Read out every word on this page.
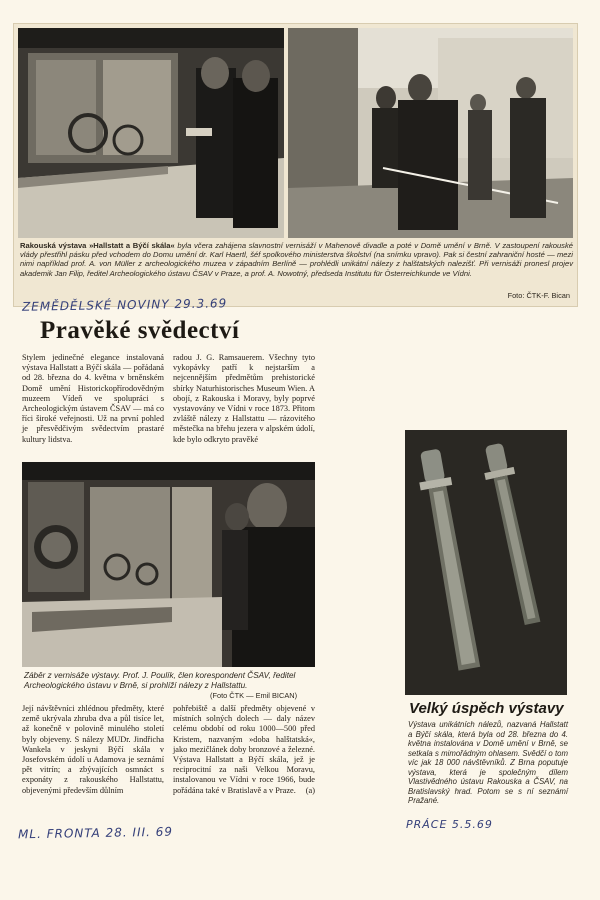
Rakouská výstava »Hallstatt a Býčí skála« byla včera zahájena slavnostní vernisáží v Mahenově divadle a poté v Domě umění v Brně. V zastoupení rakouské vlády přestřihl pásku před vchodem do Domu umění dr. Karl Haertl, šéf spolkového ministerstva školství (na snímku vpravo). Pak si čestní zahraniční hosté — mezi nimi například prof. A. von Müller z archeologického muzea v západním Berlíně — prohlédli unikátní nálezy z halštatských nalezišť. Při vernisáži pronesl projev akademik Jan Filip, ředitel Archeologického ústavu ČSAV v Praze, a prof. A. Nowotný, předseda Institutu für Österreichkunde ve Vídni.
Foto: ČTK-F. Bican
ZEMĚDĚLSKÉ NOVINY 29.3.69
Pravěké svědectví
Stylem jedinečné elegance instalovaná výstava Hallstatt a Býčí skála — pořádaná od 28. března do 4. května v brněnském Domě umění Historickopřírodovědným muzeem Vídeň ve spolupráci s Archeologickým ústavem ČSAV — má co říci široké veřejnosti. Už na první pohled je přesvědčivým svědectvím prastaré kultury lidstva.
radou J. G. Ramsauerem. Všechny tyto vykopávky patří k nejstarším a nejcennějším předmětům prehistorické sbírky Naturhistorisches Museum Wien. A obojí, z Rakouska i Moravy, byly poprvé vystavovány ve Vídni v roce 1873. Přitom zvláště nálezy z Hallstattu — rázovitého městečka na břehu jezera v alpském údolí, kde bylo odkryto pravěké
Záběr z vernisáže výstavy. Prof. J. Poulík, člen korespondent ČSAV, ředitel Archeologického ústavu v Brně, si prohlíží nálezy z Hallstattu.
(Foto ČTK — Emil BICAN)
Její návštěvníci zhlédnou předměty, které země ukrývala zhruba dva a půl tisíce let, až konečně v polovině minulého století byly objeveny. S nálezy MUDr. Jindřicha Wankela v jeskyni Býčí skála v Josefovském údolí u Adamova je seznámí pět vitrín; a zbývajících osmnáct s exponáty z rakouského Hallstattu, objevenými především důlním
pohřebiště a další předměty objevené v místních solných dolech — daly název celému období od roku 1000—500 před Kristem, nazvaným »doba halštatská«, jako mezičlánek doby bronzové a železné. Výstava Hallstatt a Býčí skála, jež je reciprocitní za naši Velkou Moravu, instalovanou ve Vídni v roce 1966, bude pořádána také v Bratislavě a v Praze. (a)
ML. FRONTA 28. III. 69
Velký úspěch výstavy
Výstava unikátních nálezů, nazvaná Hallstatt a Býčí skála, která byla od 28. března do 4. května instalována v Domě umění v Brně, se setkala s mimořádným ohlasem. Svědčí o tom víc jak 18 000 návštěvníků. Z Brna poputuje výstava, která je společným dílem Vlastivědného ústavu Rakouska a ČSAV, na Bratislavský hrad. Potom se s ní seznámí Pražané.
PRÁCE 5.5.69
